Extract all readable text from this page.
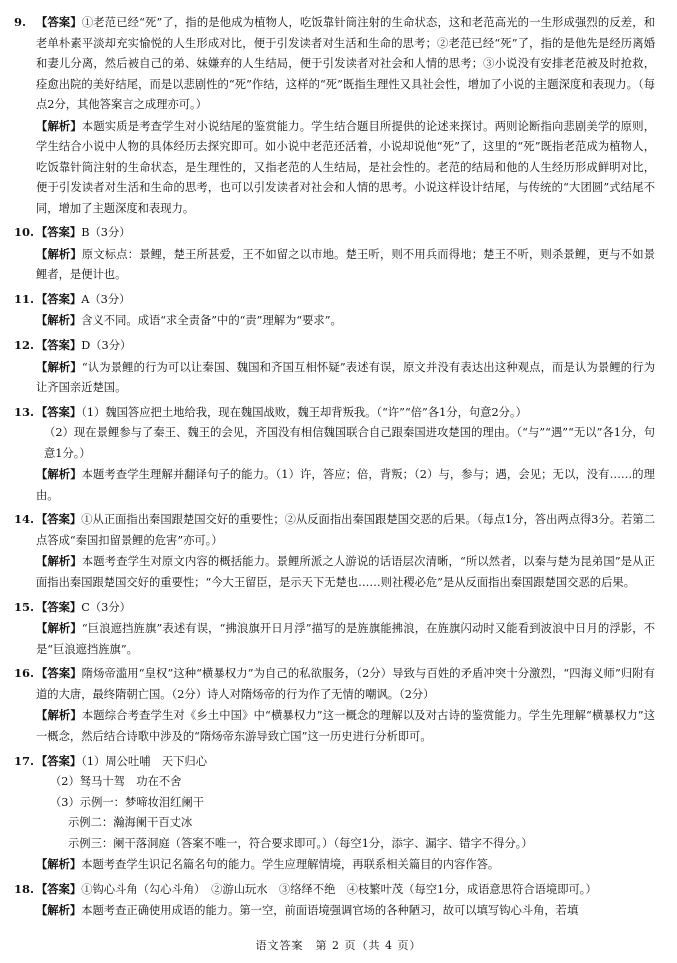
9. 【答案】①老范已经“死”了，指的是他成为植物人，吃饭靠针筒注射的生命状态，这和老范高光的一生形成强烈的反差，和老单朴素平淡却充实愉悦的人生形成对比，便于引发读者对生活和生命的思考；②老范已经“死”了，指的是他先是经历离婚和妻儿分离，然后被自己的弟、妹嫌弃的人生结局，便于引发读者对社会和人情的思考；③小说没有安排老范被及时抢救，痊愈出院的美好结尾，而是以悲剧性的“死”作结，这样的“死”既指生理性又具社会性，增加了小说的主题深度和表现力。（每点2分，其他答案言之成理亦可。）
【解析】本题实质是考查学生对小说结尾的鉴赏能力。学生结合题目所提供的论述来探讨。两则论断指向悲剧美学的原则，学生结合小说中人物的具体经历去探究即可。如小说中老范还活着，小说却说他“死”了，这里的“死”既指老范成为植物人，吃饭靠针筒注射的生命状态，是生理性的，又指老范的人生结局，是社会性的。老范的结局和他的人生经历形成鲜明对比，便于引发读者对生活和生命的思考，也可以引发读者对社会和人情的思考。小说这样设计结尾，与传统的“大团圆”式结尾不同，增加了主题深度和表现力。
10. 【答案】B（3分）
【解析】原文标点：景鲤，楚王所甚爱，王不如留之以市地。楚王听，则不用兵而得地；楚王不听，则杀景鲤，更与不如景鲤者，是便计也。
11. 【答案】A（3分）
【解析】含义不同。成语“求全责备”中的“责”理解为“要求”。
12. 【答案】D（3分）
【解析】“认为景鲤的行为可以让秦国、魏国和齐国互相怀疑”表述有误，原文并没有表达出这种观点，而是认为景鲤的行为让齐国亲近楚国。
13. 【答案】（1）魏国答应把土地给我，现在魏国战败，魏王却背叛我。（“许”“倍”各1分，句意2分。）
（2）现在景鲤参与了秦王、魏王的会见，齐国没有相信魏国联合自己跟秦国进攻楚国的理由。（“与”“遇”“无以”各1分，句意1分。）
【解析】本题考查学生理解并翻译句子的能力。（1）许，答应；倍，背叛；（2）与，参与；遇，会见；无以，没有……的理由。
14. 【答案】①从正面指出秦国跟楚国交好的重要性；②从反面指出秦国跟楚国交恶的后果。（每点1分，答出两点得3分。若第二点答成“秦国扣留景鲤的危害”亦可。）
【解析】本题考查学生对原文内容的概括能力。景鲤所派之人游说的话语层次清晰，“所以然者，以秦与楚为昆弟国”是从正面指出秦国跟楚国交好的重要性；“今大王留臣，是示天下无楚也……则社稷必危”是从反面指出秦国跟楚国交恶的后果。
15. 【答案】C（3分）
【解析】“巨浪遮挡旌旗”表述有误，“拂浪旗开日月浮”描写的是旌旗能拂浪，在旌旗闪动时又能看到波浪中日月的浮影，不是“巨浪遮挡旌旗”。
16. 【答案】隋炀帝滥用“皇权”这种“横暴权力”为自己的私欲服务，（2分）导致与百姓的矛盾冲突十分激烈，“四海义师”归附有道的大唐，最终隋朝亡国。（2分）诗人对隋炀帝的行为作了无情的嘲讽。（2分）
【解析】本题综合考查学生对《乡土中国》中“横暴权力”这一概念的理解以及对古诗的鉴赏能力。学生先理解“横暴权力”这一概念，然后结合诗歌中涉及的“隋炀帝东游导致亡国”这一历史进行分析即可。
17. 【答案】（1）周公吐哺　天下归心
（2）驽马十驾　功在不舍
（3）示例一：梦啼妆泪红阑干
示例二：瀚海阑干百丈冰
示例三：阑干落洞庭（答案不唯一，符合要求即可。）（每空1分，添字、漏字、错字不得分。）
【解析】本题考查学生识记名篇名句的能力。学生应理解情境，再联系相关篇目的内容作答。
18. 【答案】①钩心斗角（勾心斗角）　②游山玩水　③络绎不绝　④枝繁叶茂（每空1分，成语意思符合语境即可。）
【解析】本题考查正确使用成语的能力。第一空，前面语境强调官场的各种陋习，故可以填写钩心斗角，若填
语文答案　第 2 页（共 4 页）
